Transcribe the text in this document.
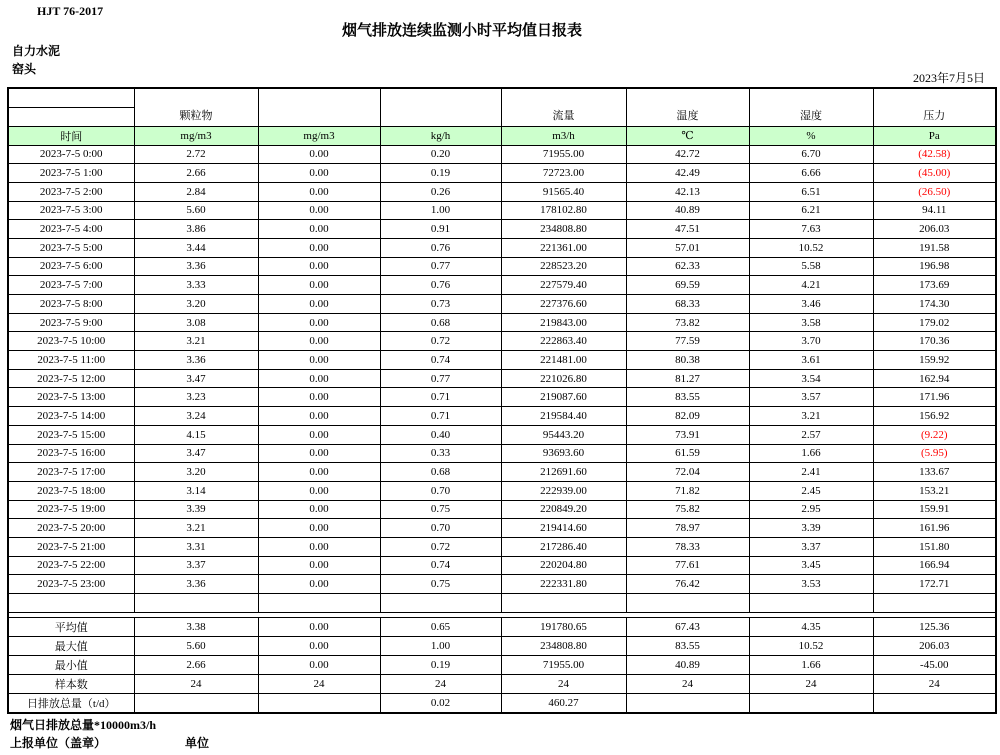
HJT 76-2017
烟气排放连续监测小时平均值日报表
自力水泥
窑头
2023年7月5日
	颗粒物			流量	温度	湿度	压力

时间	mg/m3	mg/m3	kg/h	m3/h	℃	%	Pa
2023-7-5 0:00	2.72	0.00	0.20	71955.00	42.72	6.70	(42.58)
2023-7-5 1:00	2.66	0.00	0.19	72723.00	42.49	6.66	(45.00)
2023-7-5 2:00	2.84	0.00	0.26	91565.40	42.13	6.51	(26.50)
2023-7-5 3:00	5.60	0.00	1.00	178102.80	40.89	6.21	94.11
2023-7-5 4:00	3.86	0.00	0.91	234808.80	47.51	7.63	206.03
2023-7-5 5:00	3.44	0.00	0.76	221361.00	57.01	10.52	191.58
2023-7-5 6:00	3.36	0.00	0.77	228523.20	62.33	5.58	196.98
2023-7-5 7:00	3.33	0.00	0.76	227579.40	69.59	4.21	173.69
2023-7-5 8:00	3.20	0.00	0.73	227376.60	68.33	3.46	174.30
2023-7-5 9:00	3.08	0.00	0.68	219843.00	73.82	3.58	179.02
2023-7-5 10:00	3.21	0.00	0.72	222863.40	77.59	3.70	170.36
2023-7-5 11:00	3.36	0.00	0.74	221481.00	80.38	3.61	159.92
2023-7-5 12:00	3.47	0.00	0.77	221026.80	81.27	3.54	162.94
2023-7-5 13:00	3.23	0.00	0.71	219087.60	83.55	3.57	171.96
2023-7-5 14:00	3.24	0.00	0.71	219584.40	82.09	3.21	156.92
2023-7-5 15:00	4.15	0.00	0.40	95443.20	73.91	2.57	(9.22)
2023-7-5 16:00	3.47	0.00	0.33	93693.60	61.59	1.66	(5.95)
2023-7-5 17:00	3.20	0.00	0.68	212691.60	72.04	2.41	133.67
2023-7-5 18:00	3.14	0.00	0.70	222939.00	71.82	2.45	153.21
2023-7-5 19:00	3.39	0.00	0.75	220849.20	75.82	2.95	159.91
2023-7-5 20:00	3.21	0.00	0.70	219414.60	78.97	3.39	161.96
2023-7-5 21:00	3.31	0.00	0.72	217286.40	78.33	3.37	151.80
2023-7-5 22:00	3.37	0.00	0.74	220204.80	77.61	3.45	166.94
2023-7-5 23:00	3.36	0.00	0.75	222331.80	76.42	3.53	172.71

平均值	3.38	0.00	0.65	191780.65	67.43	4.35	125.36
最大值	5.60	0.00	1.00	234808.80	83.55	10.52	206.03
最小值	2.66	0.00	0.19	71955.00	40.89	1.66	-45.00
样本数	24	24	24	24	24	24	24
日排放总量（t/d）			0.02	460.27			
烟气日排放总量*10000m3/h
上报单位（盖章）	单位
